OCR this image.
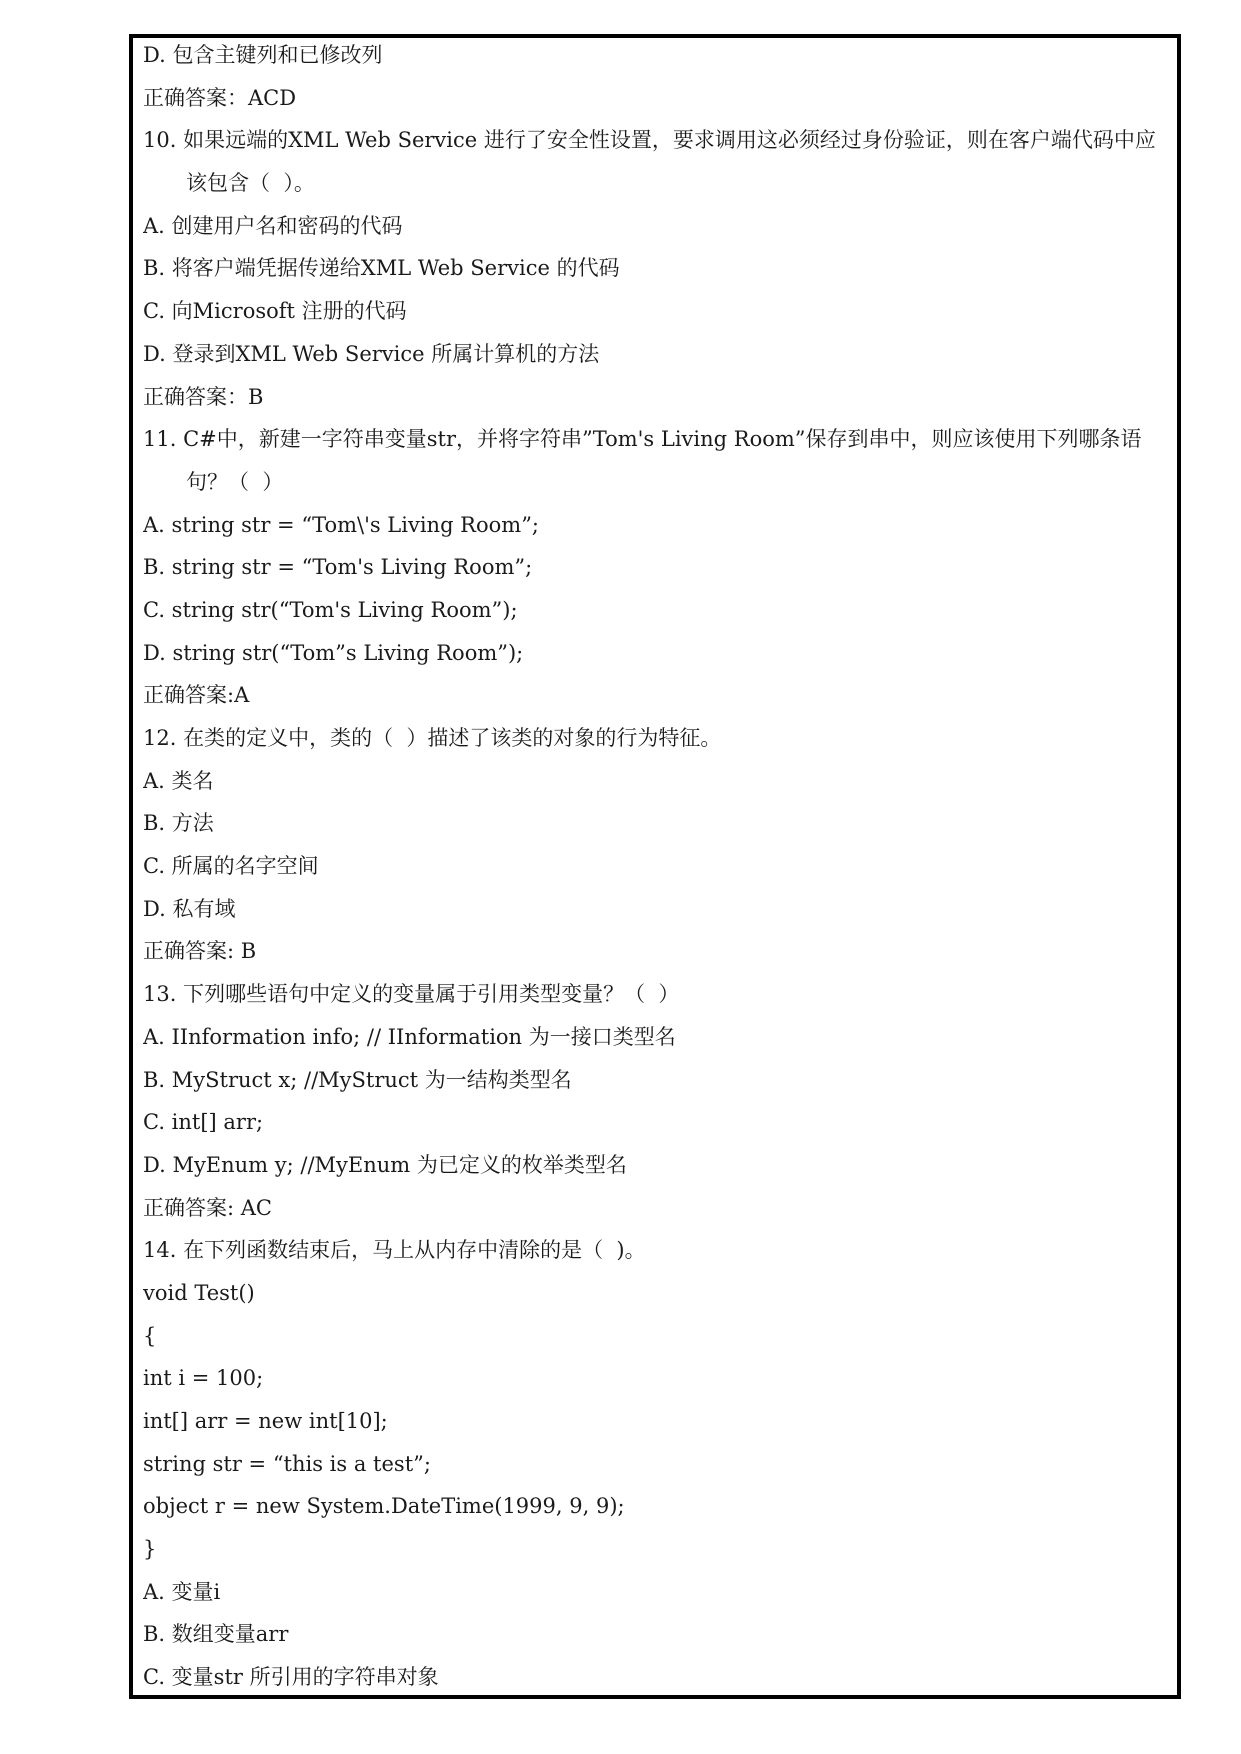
D. 包含主键列和已修改列
正确答案：ACD
10. 如果远端的XML Web Service 进行了安全性设置，要求调用这必须经过身份验证，则在客户端代码中应
该包含（  ）。
A. 创建用户名和密码的代码
B. 将客户端凭据传递给XML Web Service 的代码
C. 向Microsoft 注册的代码
D. 登录到XML Web Service 所属计算机的方法
正确答案：B
11. C#中，新建一字符串变量str，并将字符串”Tom's Living Room”保存到串中，则应该使用下列哪条语
句？（  ）
A. string str = “Tom\'s Living Room”;
B. string str = “Tom's Living Room”;
C. string str(“Tom's Living Room”);
D. string str(“Tom”s Living Room”);
正确答案:A
12. 在类的定义中，类的（  ）描述了该类的对象的行为特征。
A. 类名
B. 方法
C. 所属的名字空间
D. 私有域
正确答案: B
13. 下列哪些语句中定义的变量属于引用类型变量？（  ）
A. IInformation info; // IInformation 为一接口类型名
B. MyStruct x; //MyStruct 为一结构类型名
C. int[] arr;
D. MyEnum y; //MyEnum 为已定义的枚举类型名
正确答案: AC
14. 在下列函数结束后，马上从内存中清除的是（  )。
void Test()
{
int i = 100;
int[] arr = new int[10];
string str = “this is a test”;
object r = new System.DateTime(1999, 9, 9);
}
A. 变量i
B. 数组变量arr
C. 变量str 所引用的字符串对象
